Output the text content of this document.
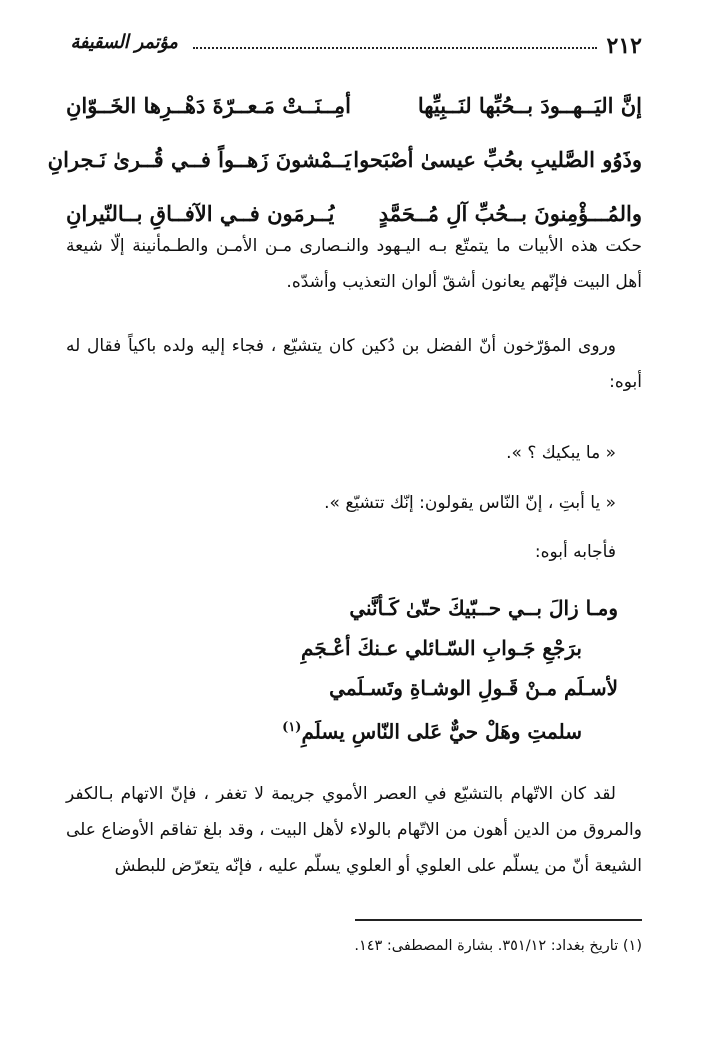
٢١٢
مؤتمر السقيفة
إنَّ اليَــهــودَ بــحُبِّها لنَــبِيِّها
أمِــنَــتْ مَـعــرّةَ دَهْــرِها الخَــوّانِ
وذَوُو الصَّليبِ بحُبِّ عيسىٰ أصْبَحوا
يَــمْشونَ زَهــواً فــي قُــرىٰ نَـجرانِ
والمُـــؤْمِنونَ بــحُبِّ آلِ مُــحَمَّدٍ
يُــرمَون فــي الآفــاقِ بــالنّيرانِ

حكت هذه الأبيات ما يتمتّع بـه اليـهود والنـصارى مـن الأمـن والطـمأنينة إلّا شيعة أهل البيت فإنّهم يعانون أشقّ ألوان التعذيب وأشدّه.

وروى المؤرّخون أنّ الفضل بن دُكين كان يتشيّع ، فجاء إليه ولده باكياً فقال له أبوه:

« ما يبكيك ؟ ».
« يا أبتِ ، إنّ النّاس يقولون: إنّك تتشيّع ».
فأجابه أبوه:
ومـا زالَ بــي حــبّيكَ حتّىٰ كَـأنَّني
برَجْعِ جَـوابِ السّـائلي عـنكَ أعْـجَمِ
لأسـلَم مـنْ قَـولِ الوشـاةِ وتَسـلَمي
سلمتِ وهَلْ حيٌّ عَلى النّاسِ يسلَمِ$^{(١)}$

لقد كان الاتّهام بالتشيّع في العصر الأموي جريمة لا تغفر ، فإنّ الاتهام بـالكفر والمروق من الدين أهون من الاتّهام بالولاء لأهل البيت ، وقد بلغ تفاقم الأوضاع على الشيعة أنّ من يسلّم على العلوي أو العلوي يسلّم عليه ، فإنّه يتعرّض للبطش

(١) تاريخ بغداد: ٣٥١/١٢. بشارة المصطفى: ١٤٣.
